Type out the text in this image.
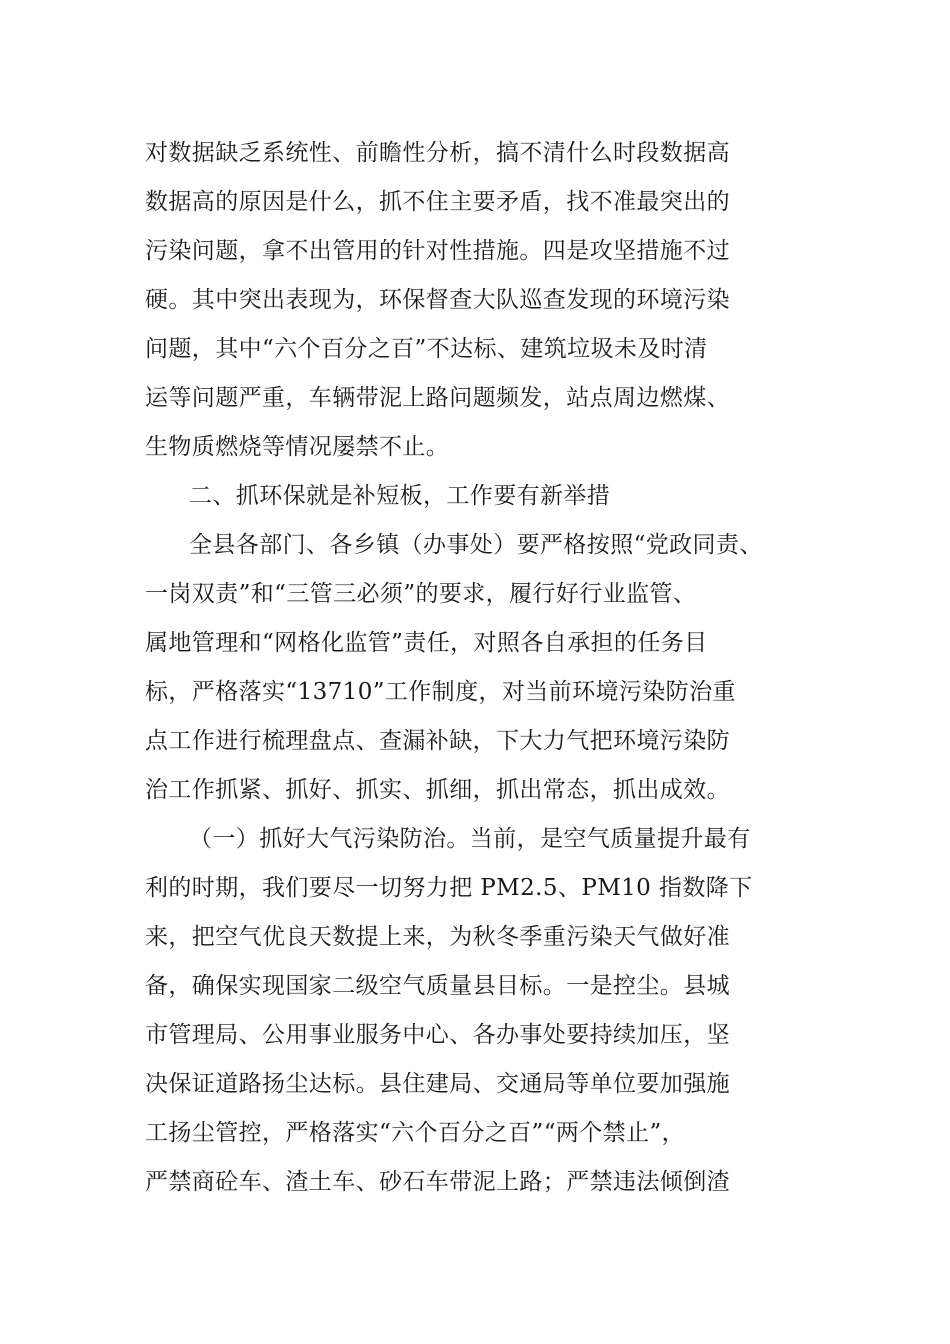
对数据缺乏系统性、前瞻性分析，搞不清什么时段数据高
数据高的原因是什么，抓不住主要矛盾，找不准最突出的
污染问题，拿不出管用的针对性措施。四是攻坚措施不过
硬。其中突出表现为，环保督查大队巡查发现的环境污染
问题，其中“六个百分之百”不达标、建筑垃圾未及时清
运等问题严重，车辆带泥上路问题频发，站点周边燃煤、
生物质燃烧等情况屡禁不止。
二、抓环保就是补短板，工作要有新举措
全县各部门、各乡镇（办事处）要严格按照“党政同责、
一岗双责”和“三管三必须”的要求，履行好行业监管、
属地管理和“网格化监管”责任，对照各自承担的任务目
标，严格落实“13710”工作制度，对当前环境污染防治重
点工作进行梳理盘点、查漏补缺，下大力气把环境污染防
治工作抓紧、抓好、抓实、抓细，抓出常态，抓出成效。
（一）抓好大气污染防治。当前，是空气质量提升最有
利的时期，我们要尽一切努力把 PM2.5、PM10 指数降下
来，把空气优良天数提上来，为秋冬季重污染天气做好准
备，确保实现国家二级空气质量县目标。一是控尘。县城
市管理局、公用事业服务中心、各办事处要持续加压，坚
决保证道路扬尘达标。县住建局、交通局等单位要加强施
工扬尘管控，严格落实“六个百分之百”“两个禁止”，
严禁商砼车、渣土车、砂石车带泥上路；严禁违法倾倒渣
